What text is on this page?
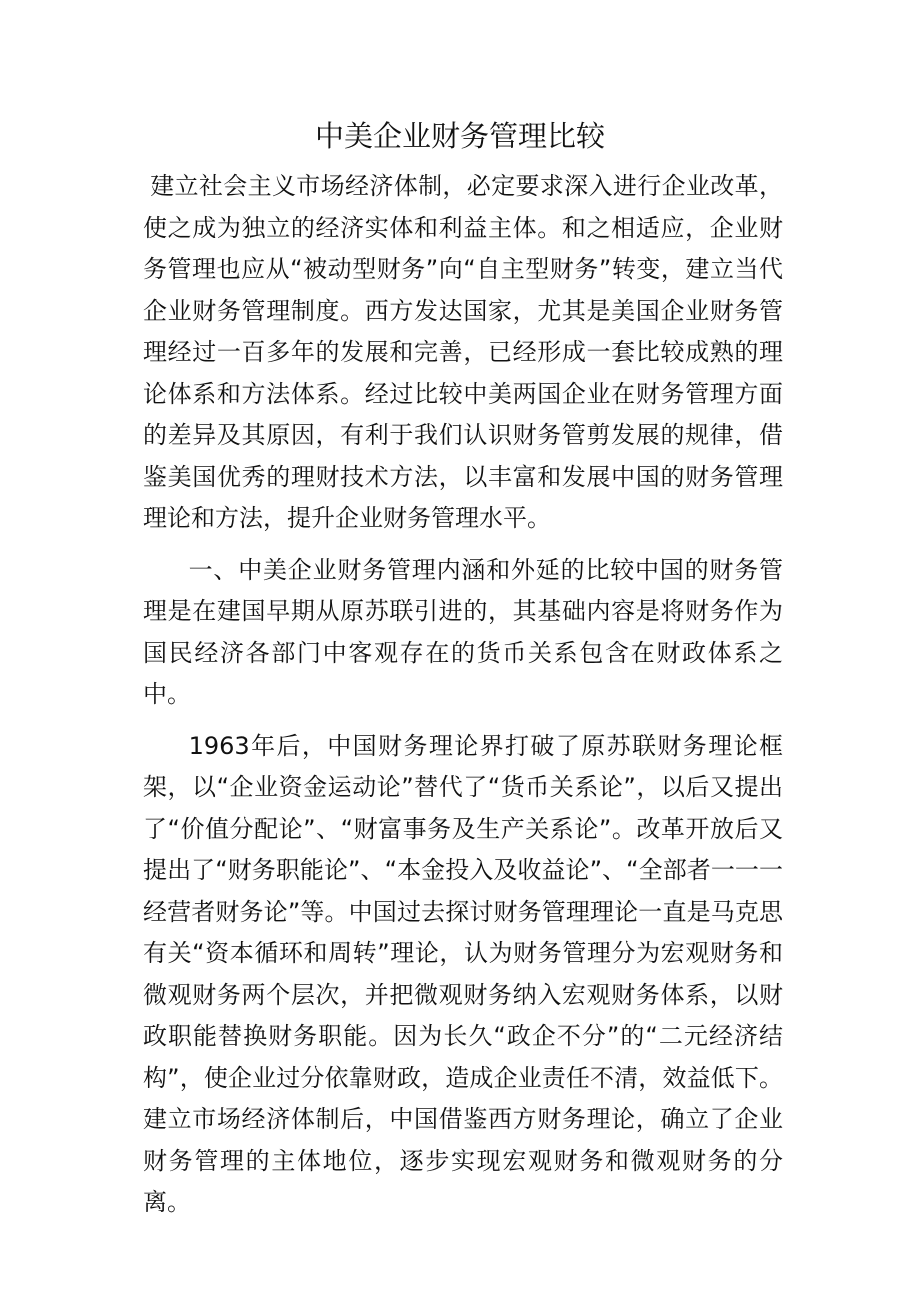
中美企业财务管理比较

建立社会主义市场经济体制，必定要求深入进行企业改革，使之成为独立的经济实体和利益主体。和之相适应，企业财务管理也应从“被动型财务”向“自主型财务”转变，建立当代企业财务管理制度。西方发达国家，尤其是美国企业财务管理经过一百多年的发展和完善，已经形成一套比较成熟的理论体系和方法体系。经过比较中美两国企业在财务管理方面的差异及其原因，有利于我们认识财务管剪发展的规律，借鉴美国优秀的理财技术方法，以丰富和发展中国的财务管理理论和方法，提升企业财务管理水平。

一、中美企业财务管理内涵和外延的比较中国的财务管理是在建国早期从原苏联引进的，其基础内容是将财务作为国民经济各部门中客观存在的货币关系包含在财政体系之中。

1963年后，中国财务理论界打破了原苏联财务理论框架，以“企业资金运动论”替代了“货币关系论”，以后又提出了“价值分配论”、“财富事务及生产关系论”。改革开放后又提出了“财务职能论”、“本金投入及收益论”、“全部者一一一经营者财务论”等。中国过去探讨财务管理理论一直是马克思有关“资本循环和周转”理论，认为财务管理分为宏观财务和微观财务两个层次，并把微观财务纳入宏观财务体系，以财政职能替换财务职能。因为长久“政企不分”的“二元经济结构”，使企业过分依靠财政，造成企业责任不清，效益低下。建立市场经济体制后，中国借鉴西方财务理论，确立了企业财务管理的主体地位，逐步实现宏观财务和微观财务的分离。
